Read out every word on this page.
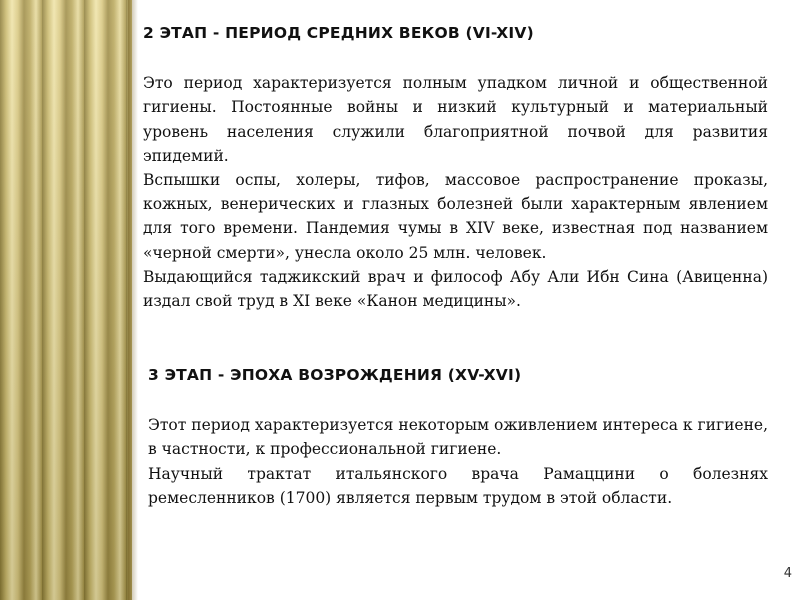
2 ЭТАП - ПЕРИОД СРЕДНИХ ВЕКОВ (VI-XIV)

Это период характеризуется полным упадком личной и общественной гигиены. Постоянные войны и низкий культурный и материальный уровень населения служили благоприятной почвой для развития эпидемий.

Вспышки оспы, холеры, тифов, массовое распространение проказы, кожных, венерических и глазных болезней были характерным явлением для того времени. Пандемия чумы в XIV веке, известная под названием «черной смерти», унесла около 25 млн. человек.

Выдающийся таджикский врач и философ Абу Али Ибн Сина (Авиценна) издал свой труд в XI веке «Канон медицины».

3 ЭТАП - ЭПОХА ВОЗРОЖДЕНИЯ (XV-XVI)

Этот период характеризуется некоторым оживлением интереса к гигиене, в частности, к профессиональной гигиене.

Научный трактат итальянского врача Рамаццини о болезнях ремесленников (1700) является первым трудом в этой области.

4
